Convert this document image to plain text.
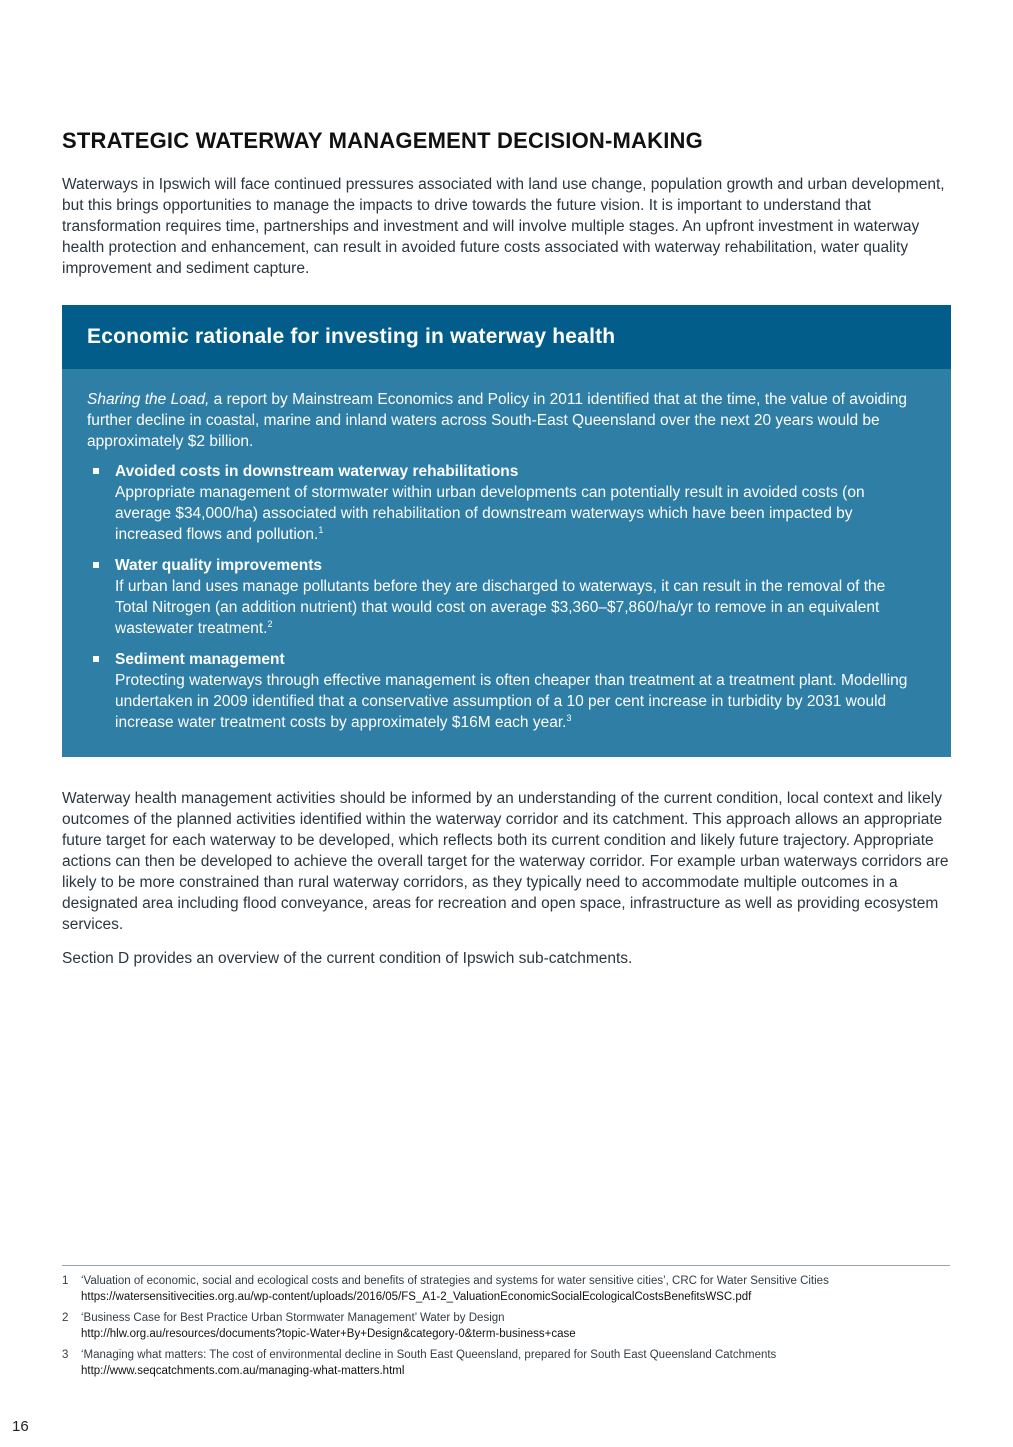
STRATEGIC WATERWAY MANAGEMENT DECISION-MAKING

Waterways in Ipswich will face continued pressures associated with land use change, population growth and urban development, but this brings opportunities to manage the impacts to drive towards the future vision. It is important to understand that transformation requires time, partnerships and investment and will involve multiple stages. An upfront investment in waterway health protection and enhancement, can result in avoided future costs associated with waterway rehabilitation, water quality improvement and sediment capture.

Economic rationale for investing in waterway health

Sharing the Load, a report by Mainstream Economics and Policy in 2011 identified that at the time, the value of avoiding further decline in coastal, marine and inland waters across South-East Queensland over the next 20 years would be approximately $2 billion.

Avoided costs in downstream waterway rehabilitations
Appropriate management of stormwater within urban developments can potentially result in avoided costs (on average $34,000/ha) associated with rehabilitation of downstream waterways which have been impacted by increased flows and pollution.$^1$
Water quality improvements
If urban land uses manage pollutants before they are discharged to waterways, it can result in the removal of the Total Nitrogen (an addition nutrient) that would cost on average $3,360–$7,860/ha/yr to remove in an equivalent wastewater treatment.$^2$
Sediment management
Protecting waterways through effective management is often cheaper than treatment at a treatment plant. Modelling undertaken in 2009 identified that a conservative assumption of a 10 per cent increase in turbidity by 2031 would increase water treatment costs by approximately $16M each year.$^3$

Waterway health management activities should be informed by an understanding of the current condition, local context and likely outcomes of the planned activities identified within the waterway corridor and its catchment. This approach allows an appropriate future target for each waterway to be developed, which reflects both its current condition and likely future trajectory. Appropriate actions can then be developed to achieve the overall target for the waterway corridor. For example urban waterways corridors are likely to be more constrained than rural waterway corridors, as they typically need to accommodate multiple outcomes in a designated area including flood conveyance, areas for recreation and open space, infrastructure as well as providing ecosystem services.

Section D provides an overview of the current condition of Ipswich sub-catchments.

1	‘Valuation of economic, social and ecological costs and benefits of strategies and systems for water sensitive cities’, CRC for Water Sensitive Cities
https://watersensitivecities.org.au/wp-content/uploads/2016/05/FS_A1-2_ValuationEconomicSocialEcologicalCostsBenefitsWSC.pdf
2	‘Business Case for Best Practice Urban Stormwater Management’ Water by Design
http://hlw.org.au/resources/documents?topic-Water+By+Design&category-0&term-business+case
3	‘Managing what matters: The cost of environmental decline in South East Queensland, prepared for South East Queensland Catchments
http://www.seqcatchments.com.au/managing-what-matters.html
16
